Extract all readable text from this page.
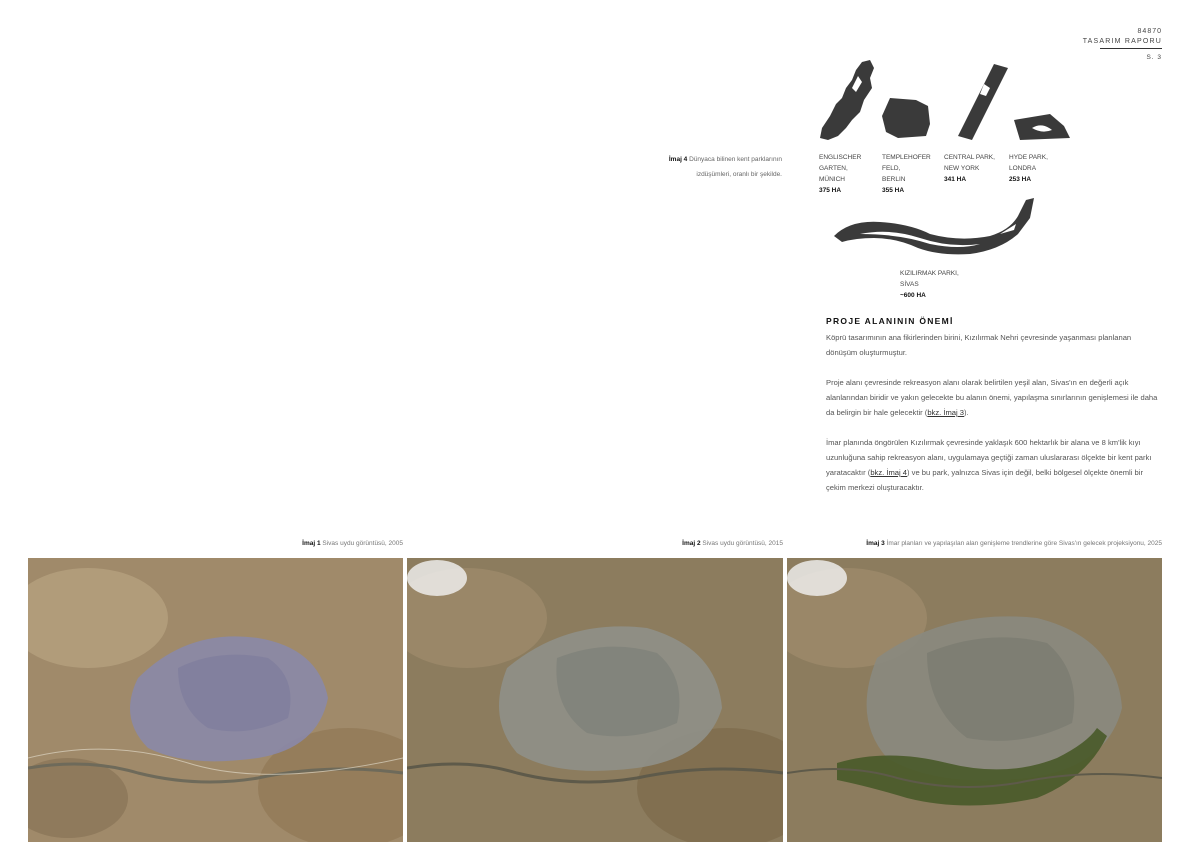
84870
TASARIM RAPORU
S. 3
İmaj 4 Dünyaca bilinen kent parklarının
izdüşümleri, oranlı bir şekilde.
ENGLISCHER
GARTEN,
MÜNICH
375 HA
TEMPLEHOFER
FELD,
BERLIN
355 HA
CENTRAL PARK,
NEW YORK
341 HA
HYDE PARK,
LONDRA
253 HA
KIZILIRMAK PARKI,
SİVAS
~600 HA
PROJE ALANININ ÖNEMİ
Köprü tasarımının ana fikirlerinden birini, Kızılırmak Nehri çevresinde yaşanması planlanan dönüşüm oluşturmuştur.
Proje alanı çevresinde rekreasyon alanı olarak belirtilen yeşil alan, Sivas'ın en değerli açık alanlarından biridir ve yakın gelecekte bu alanın önemi, yapılaşma sınırlarının genişlemesi ile daha da belirgin bir hale gelecektir (bkz. İmaj 3).
İmar planında öngörülen Kızılırmak çevresinde yaklaşık 600 hektarlık bir alana ve 8 km'lik kıyı uzunluğuna sahip rekreasyon alanı, uygulamaya geçtiği zaman uluslararası ölçekte bir kent parkı yaratacaktır (bkz. İmaj 4) ve bu park, yalnızca Sivas için değil, belki bölgesel ölçekte önemli bir çekim merkezi oluşturacaktır.
İmaj 1 Sivas uydu görüntüsü, 2005	İmaj 2 Sivas uydu görüntüsü, 2015	İmaj 3 İmar planları ve yapılaşılan alan genişleme trendlerine göre Sivas'ın gelecek projeksiyonu, 2025
